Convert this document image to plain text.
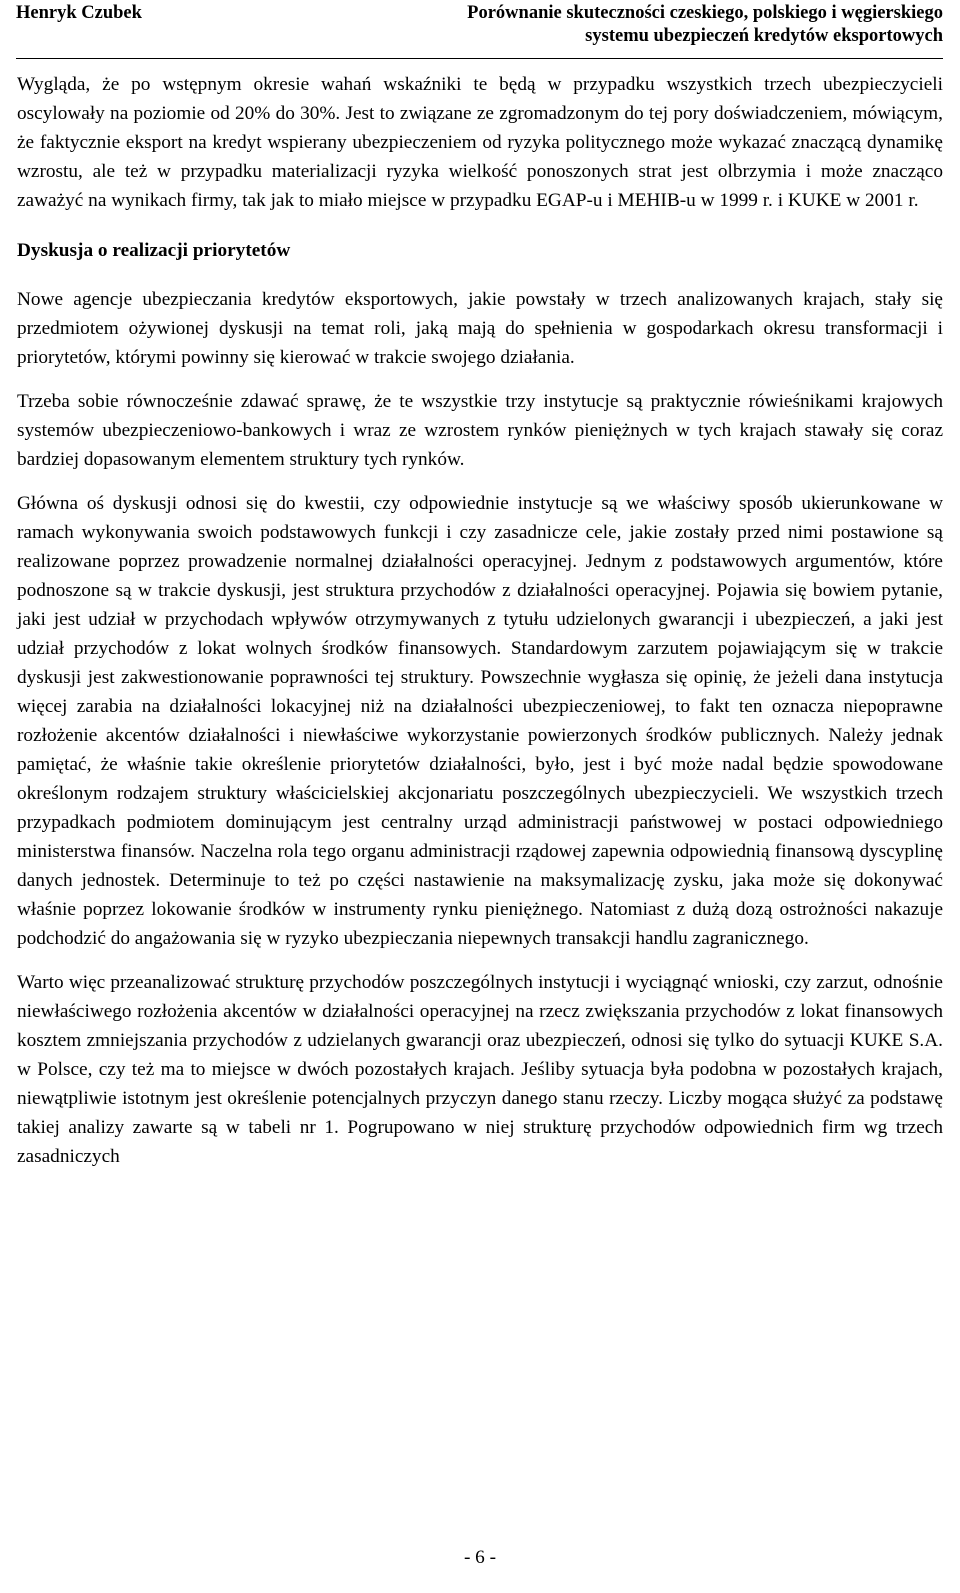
Henryk Czubek	Porównanie skuteczności czeskiego, polskiego i węgierskiego
systemu ubezpieczeń kredytów eksportowych

Wygląda, że po wstępnym okresie wahań wskaźniki te będą w przypadku wszystkich trzech ubezpieczycieli oscylowały na poziomie od 20% do 30%. Jest to związane ze zgromadzonym do tej pory doświadczeniem, mówiącym, że faktycznie eksport na kredyt wspierany ubezpieczeniem od ryzyka politycznego może wykazać znaczącą dynamikę wzrostu, ale też w przypadku materializacji ryzyka wielkość ponoszonych strat jest olbrzymia i może znacząco zaważyć na wynikach firmy, tak jak to miało miejsce w przypadku EGAP-u i MEHIB-u w 1999 r. i KUKE w 2001 r.

Dyskusja o realizacji priorytetów

Nowe agencje ubezpieczania kredytów eksportowych, jakie powstały w trzech analizowanych krajach, stały się przedmiotem ożywionej dyskusji na temat roli, jaką mają do spełnienia w gospodarkach okresu transformacji i priorytetów, którymi powinny się kierować w trakcie swojego działania.

Trzeba sobie równocześnie zdawać sprawę, że te wszystkie trzy instytucje są praktycznie rówieśnikami krajowych systemów ubezpieczeniowo-bankowych i wraz ze wzrostem rynków pieniężnych w tych krajach stawały się coraz bardziej dopasowanym elementem struktury tych rynków.

Główna oś dyskusji odnosi się do kwestii, czy odpowiednie instytucje są we właściwy sposób ukierunkowane w ramach wykonywania swoich podstawowych funkcji i czy zasadnicze cele, jakie zostały przed nimi postawione są realizowane poprzez prowadzenie normalnej działalności operacyjnej. Jednym z podstawowych argumentów, które podnoszone są w trakcie dyskusji, jest struktura przychodów z działalności operacyjnej. Pojawia się bowiem pytanie, jaki jest udział w przychodach wpływów otrzymywanych z tytułu udzielonych gwarancji i ubezpieczeń, a jaki jest udział przychodów z lokat wolnych środków finansowych. Standardowym zarzutem pojawiającym się w trakcie dyskusji jest zakwestionowanie poprawności tej struktury. Powszechnie wygłasza się opinię, że jeżeli dana instytucja więcej zarabia na działalności lokacyjnej niż na działalności ubezpieczeniowej, to fakt ten oznacza niepoprawne rozłożenie akcentów działalności i niewłaściwe wykorzystanie powierzonych środków publicznych. Należy jednak pamiętać, że właśnie takie określenie priorytetów działalności, było, jest i być może nadal będzie spowodowane określonym rodzajem struktury właścicielskiej akcjonariatu poszczególnych ubezpieczycieli. We wszystkich trzech przypadkach podmiotem dominującym jest centralny urząd administracji państwowej w postaci odpowiedniego ministerstwa finansów. Naczelna rola tego organu administracji rządowej zapewnia odpowiednią finansową dyscyplinę danych jednostek. Determinuje to też po części nastawienie na maksymalizację zysku, jaka może się dokonywać właśnie poprzez lokowanie środków w instrumenty rynku pieniężnego. Natomiast z dużą dozą ostrożności nakazuje podchodzić do angażowania się w ryzyko ubezpieczania niepewnych transakcji handlu zagranicznego.

Warto więc przeanalizować strukturę przychodów poszczególnych instytucji i wyciągnąć wnioski, czy zarzut, odnośnie niewłaściwego rozłożenia akcentów w działalności operacyjnej na rzecz zwiększania przychodów z lokat finansowych kosztem zmniejszania przychodów z udzielanych gwarancji oraz ubezpieczeń, odnosi się tylko do sytuacji KUKE S.A. w Polsce, czy też ma to miejsce w dwóch pozostałych krajach. Jeśliby sytuacja była podobna w pozostałych krajach, niewątpliwie istotnym jest określenie potencjalnych przyczyn danego stanu rzeczy. Liczby mogąca służyć za podstawę takiej analizy zawarte są w tabeli nr 1. Pogrupowano w niej strukturę przychodów odpowiednich firm wg trzech zasadniczych

- 6 -
